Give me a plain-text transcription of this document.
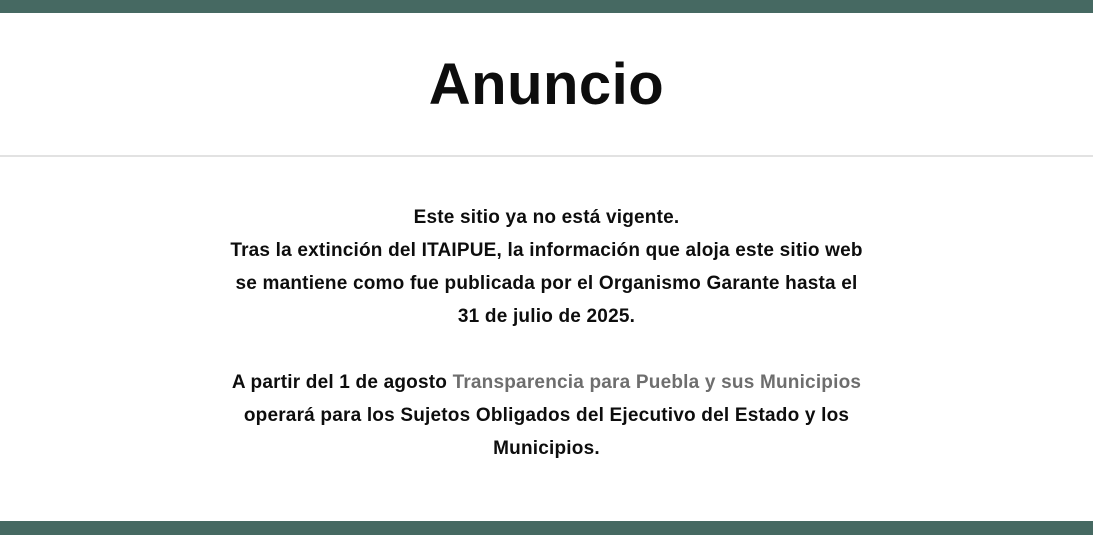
Anuncio
Este sitio ya no está vigente.
Tras la extinción del ITAIPUE, la información que aloja este sitio web
se mantiene como fue publicada por el Organismo Garante hasta el
31 de julio de 2025.
A partir del 1 de agosto Transparencia para Puebla y sus Municipios
operará para los Sujetos Obligados del Ejecutivo del Estado y los
Municipios.
